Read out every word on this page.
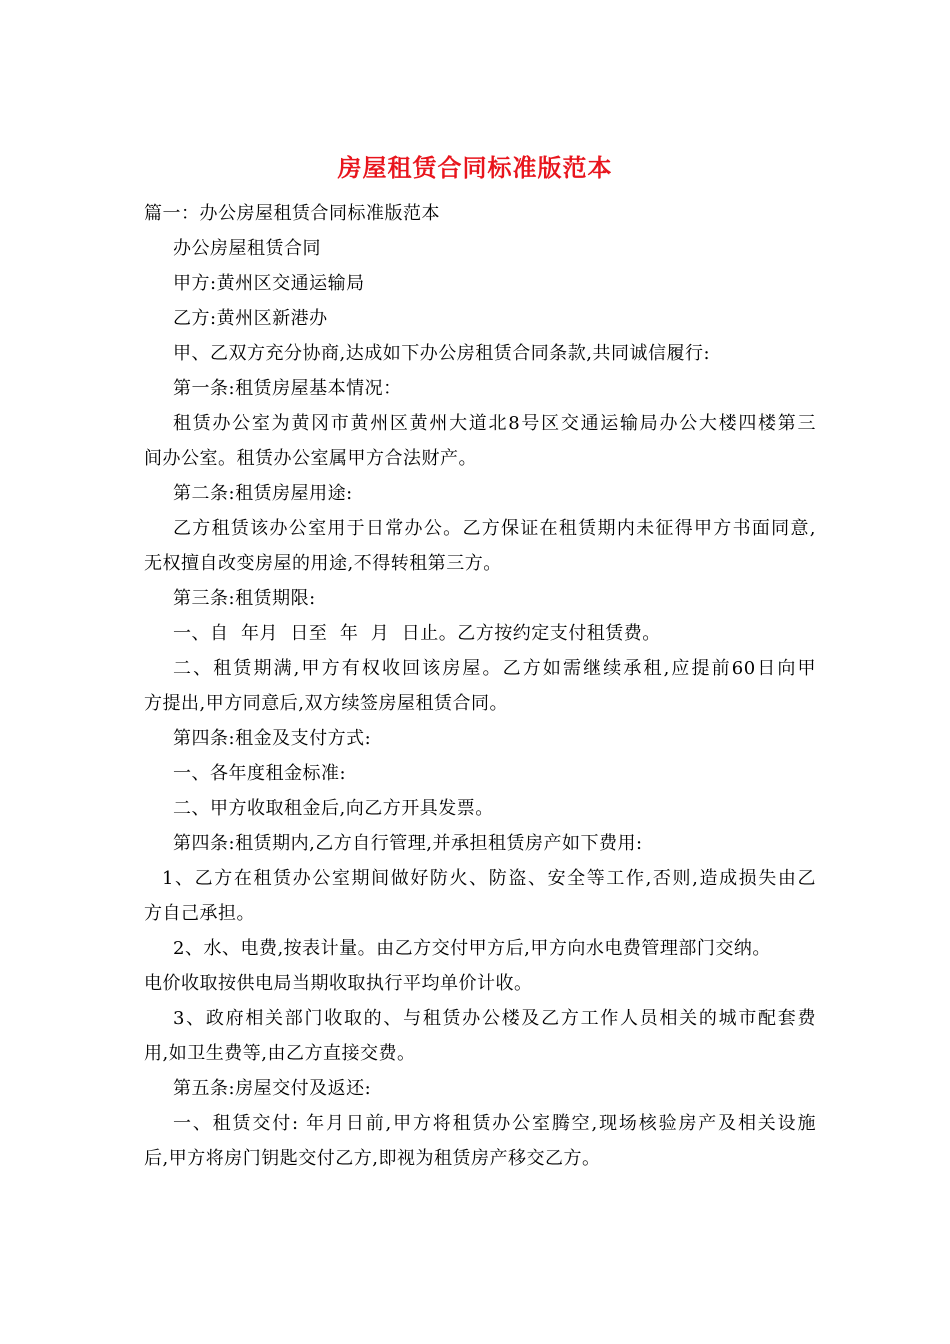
房屋租赁合同标准版范本
篇一：办公房屋租赁合同标准版范本
办公房屋租赁合同
甲方:黄州区交通运输局
乙方:黄州区新港办
甲、乙双方充分协商,达成如下办公房租赁合同条款,共同诚信履行:
第一条:租赁房屋基本情况：
租赁办公室为黄冈市黄州区黄州大道北8号区交通运输局办公大楼四楼第三
间办公室。租赁办公室属甲方合法财产。
第二条:租赁房屋用途:
乙方租赁该办公室用于日常办公。乙方保证在租赁期内未征得甲方书面同意,
无权擅自改变房屋的用途,不得转租第三方。
第三条:租赁期限:
一、自  年月  日至  年  月  日止。乙方按约定支付租赁费。
二、租赁期满,甲方有权收回该房屋。乙方如需继续承租,应提前60日向甲
方提出,甲方同意后,双方续签房屋租赁合同。
第四条:租金及支付方式:
一、各年度租金标准:
二、甲方收取租金后,向乙方开具发票。
第四条:租赁期内,乙方自行管理,并承担租赁房产如下费用:
1、乙方在租赁办公室期间做好防火、防盗、安全等工作,否则,造成损失由乙
方自己承担。
2、水、电费,按表计量。由乙方交付甲方后,甲方向水电费管理部门交纳。
电价收取按供电局当期收取执行平均单价计收。
3、政府相关部门收取的、与租赁办公楼及乙方工作人员相关的城市配套费
用,如卫生费等,由乙方直接交费。
第五条:房屋交付及返还:
一、租赁交付: 年月日前,甲方将租赁办公室腾空,现场核验房产及相关设施
后,甲方将房门钥匙交付乙方,即视为租赁房产移交乙方。
